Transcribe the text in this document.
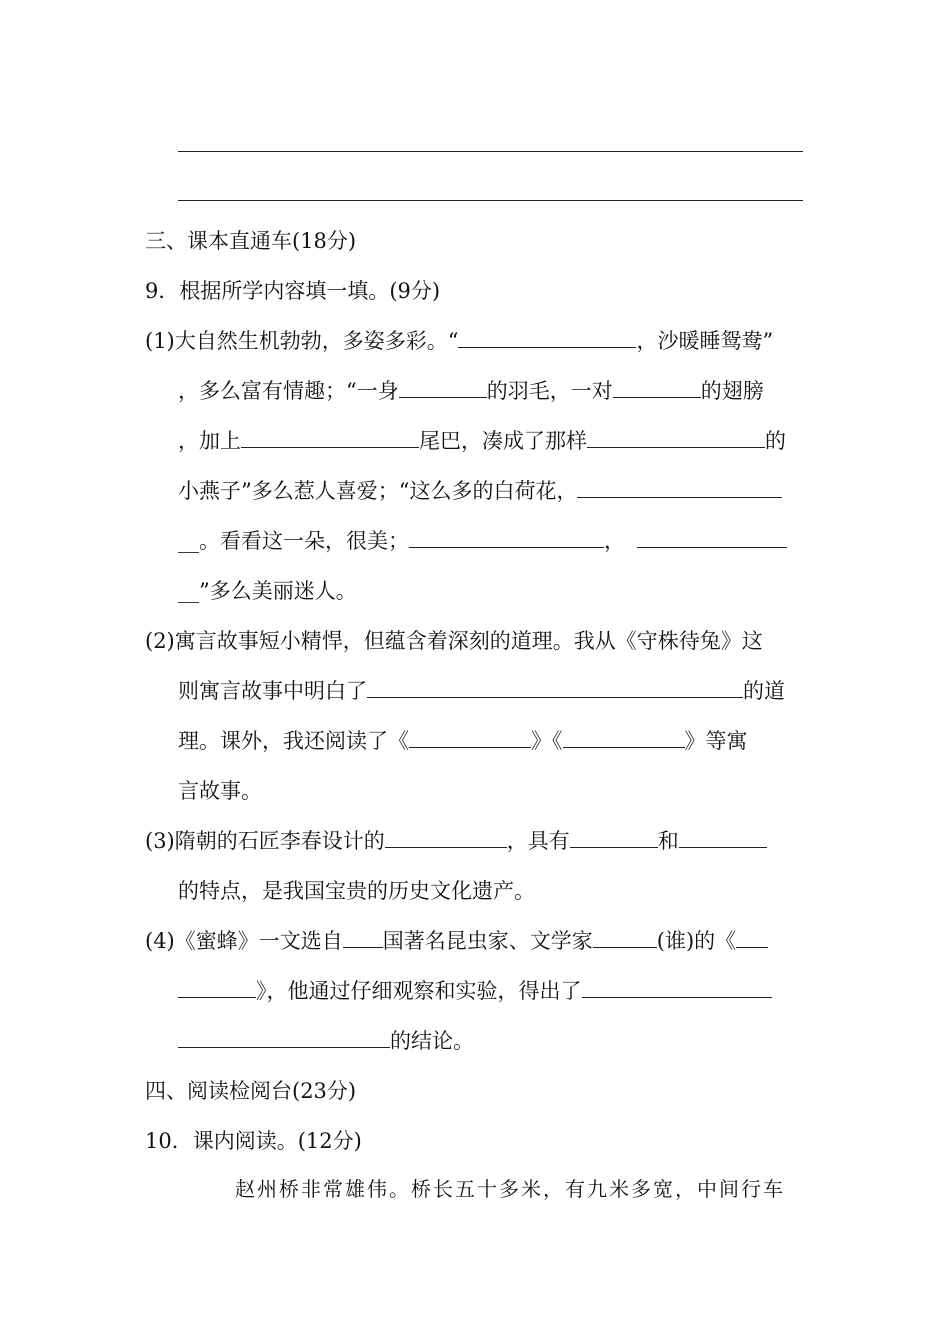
三、课本直通车(18分)
9．根据所学内容填一填。(9分)
(1)大自然生机勃勃，多姿多彩。“	，沙暖睡鸳鸯”
，多么富有情趣；“一身	的羽毛，一对	的翅膀
，加上	尾巴，凑成了那样	的
小燕子”多么惹人喜爱；“这么多的白荷花，
__。看看这一朵，很美；	，
__”多么美丽迷人。
(2)寓言故事短小精悍，但蕴含着深刻的道理。我从《守株待兔》这
则寓言故事中明白了	的道
理。课外，我还阅读了《	》《	》等寓
言故事。
(3)隋朝的石匠李春设计的	，具有	和
的特点，是我国宝贵的历史文化遗产。
(4)《蜜蜂》一文选自 国著名昆虫家、文学家	(谁)的《
》，他通过仔细观察和实验，得出了
的结论。
四、阅读检阅台(23分)
10．课内阅读。(12分)
赵州桥非常雄伟。桥长五十多米，有九米多宽，中间行车
